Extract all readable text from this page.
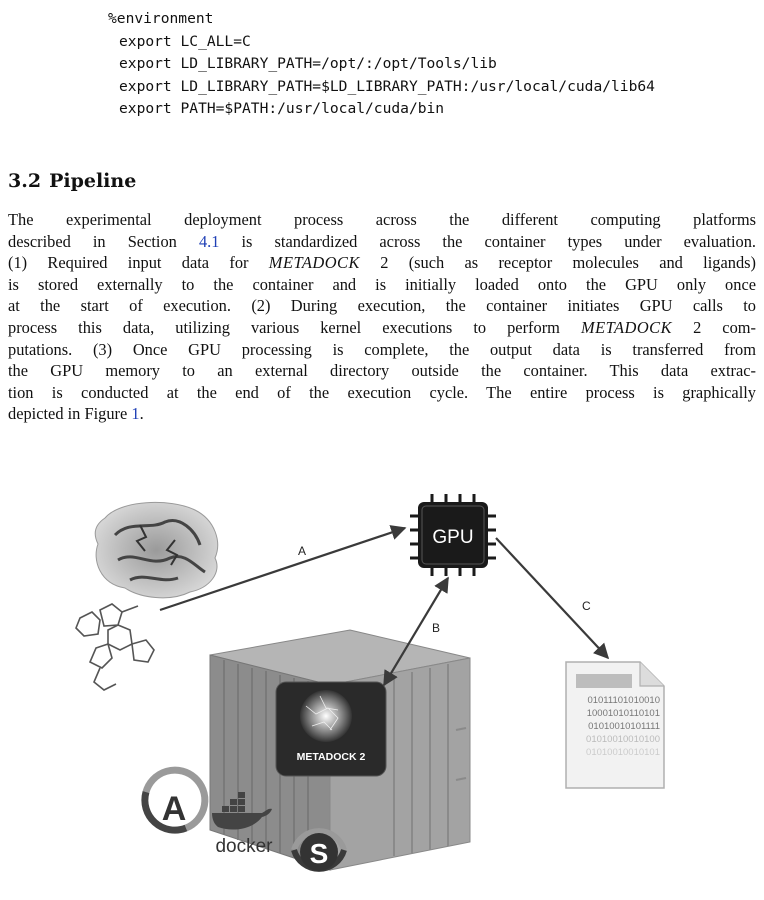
%environment
export LC_ALL=C
export LD_LIBRARY_PATH=/opt/:/opt/Tools/lib
export LD_LIBRARY_PATH=$LD_LIBRARY_PATH:/usr/local/cuda/lib64
export PATH=$PATH:/usr/local/cuda/bin
3.2 Pipeline

The experimental deployment process across the different computing platforms
described in Section 4.1 is standardized across the container types under evaluation.
(1) Required input data for METADOCK 2 (such as receptor molecules and ligands)
is stored externally to the container and is initially loaded onto the GPU only once
at the start of execution. (2) During execution, the container initiates GPU calls to
process this data, utilizing various kernel executions to perform METADOCK 2 com-
putations. (3) Once GPU processing is complete, the output data is transferred from
the GPU memory to an external directory outside the container. This data extrac-
tion is conducted at the end of the execution cycle. The entire process is graphically
depicted in Figure 1.

A
GPU
C
01011101010010
10001010110101
01010010101111
01010010010100
01010010010101
METADOCK 2
B
A
docker S
